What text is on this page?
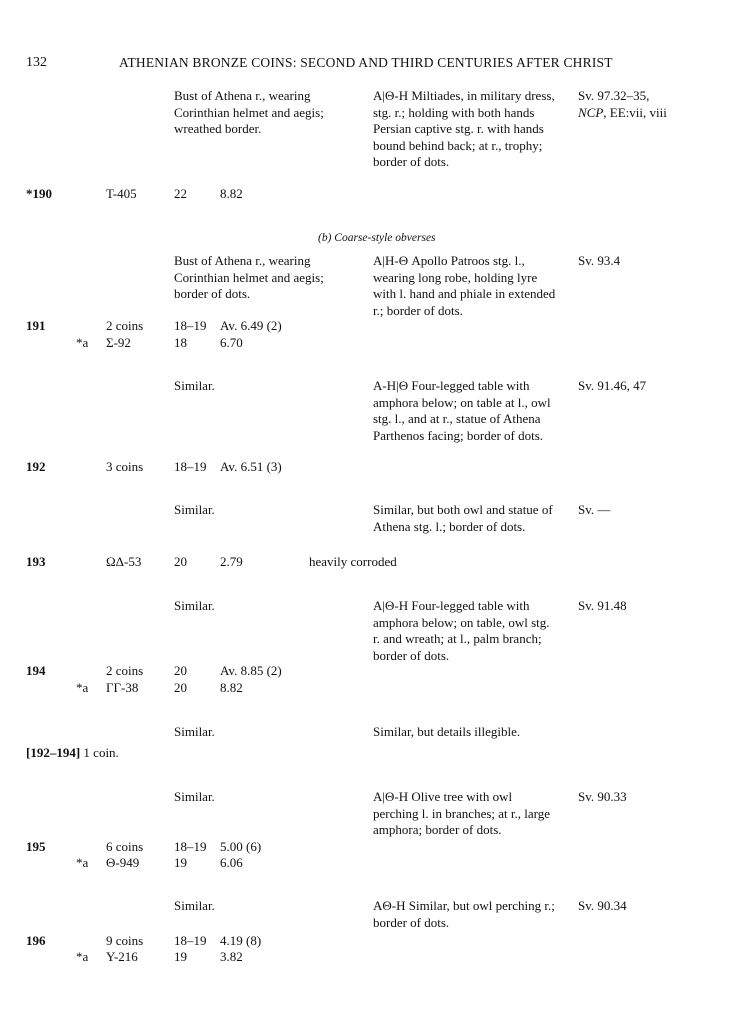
132	ATHENIAN BRONZE COINS: SECOND AND THIRD CENTURIES AFTER CHRIST
Bust of Athena r., wearing Corinthian helmet and aegis; wreathed border.
A|Θ-H Miltiades, in military dress, stg. r.; holding with both hands Persian captive stg. r. with hands bound behind back; at r., trophy; border of dots.
Sv. 97.32–35,
NCP, EE:vii, viii
*190	T-405	22	8.82
(b) Coarse-style obverses
Bust of Athena r., wearing Corinthian helmet and aegis; border of dots.
A|H-Θ Apollo Patroos stg. l., wearing long robe, holding lyre with l. hand and phiale in extended r.; border of dots.
Sv. 93.4
191	2 coins 18–19 Av. 6.49 (2)
*a Σ-92	18	6.70
Similar.	A-H|Θ Four-legged table with amphora below; on table at l., owl stg. l., and at r., statue of Athena Parthenos facing; border of dots.
Sv. 91.46, 47
192	3 coins 18–19 Av. 6.51 (3)
Similar.	Similar, but both owl and statue of Athena stg. l.; border of dots.
Sv. —
193	ΩΔ-53	20	2.79	heavily corroded
Similar.	A|Θ-H Four-legged table with amphora below; on table, owl stg. r. and wreath; at l., palm branch; border of dots.
Sv. 91.48
194	2 coins 20	Av. 8.85 (2)
*a ΓΓ-38	20	8.82
Similar.	Similar, but details illegible.
[192–194] 1 coin.
Similar.	A|Θ-H Olive tree with owl perching l. in branches; at r., large amphora; border of dots.
Sv. 90.33
195	6 coins 18–19 5.00 (6)
*a Θ-949	19	6.06
Similar.	AΘ-H Similar, but owl perching r.; border of dots.
Sv. 90.34
196	9 coins 18–19 4.19 (8)
*a Υ-216	19	3.82
